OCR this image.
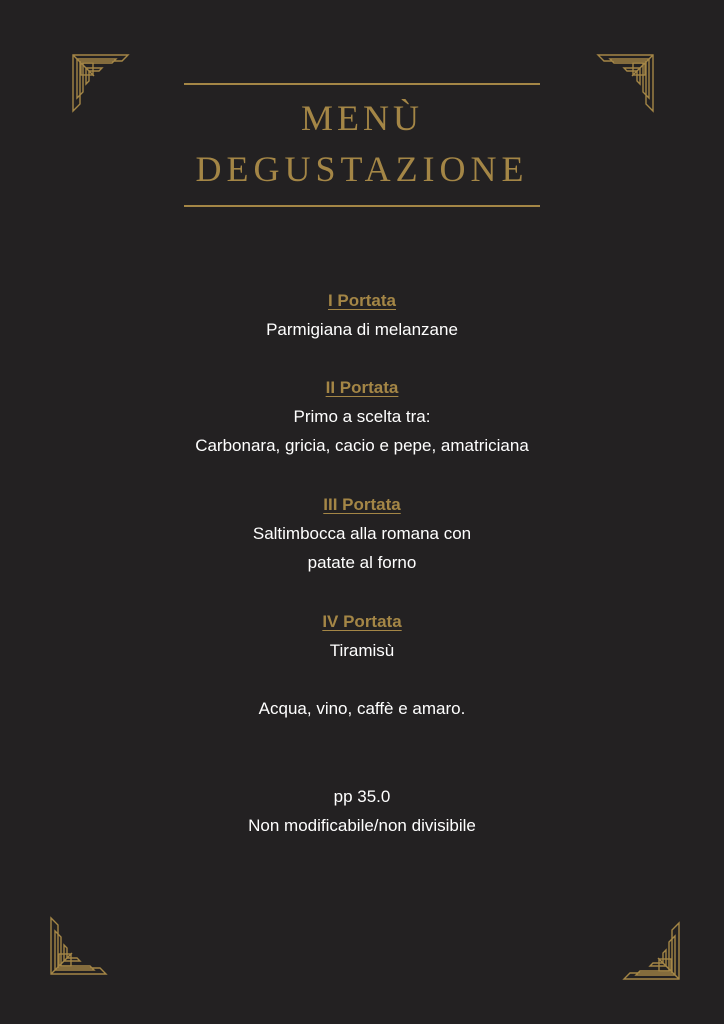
MENÙ
DEGUSTAZIONE

I Portata

Parmigiana di melanzane

II Portata

Primo a scelta tra:

Carbonara, gricia, cacio e pepe, amatriciana

III Portata

Saltimbocca alla romana con

patate al forno

IV Portata

Tiramisù

Acqua, vino, caffè e amaro.

pp 35.0

Non modificabile/non divisibile
